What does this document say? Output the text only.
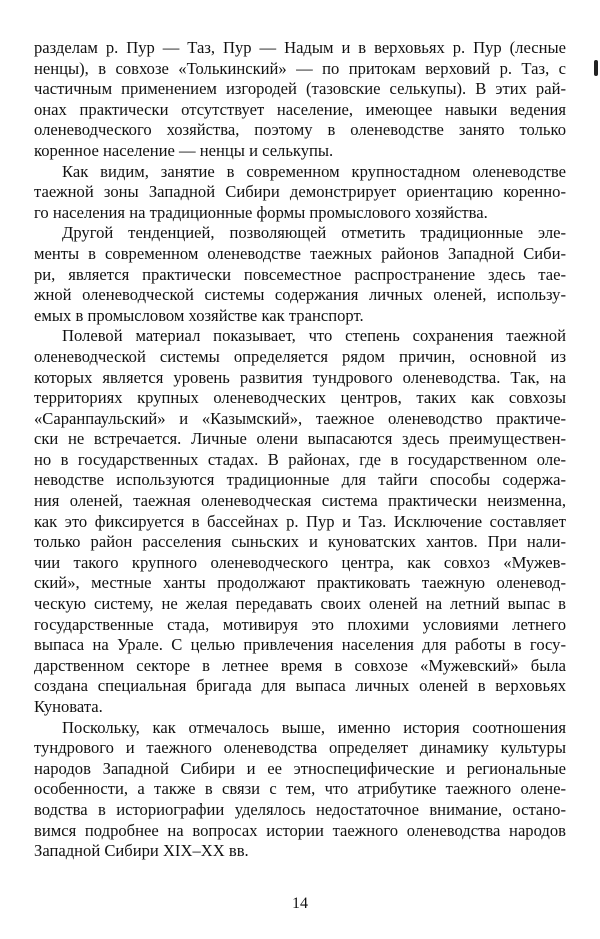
разделам р. Пур — Таз, Пур — Надым и в верховьях р. Пур (лесные
ненцы), в совхозе «Толькинский» — по притокам верховий р. Таз, с
частичным применением изгородей (тазовские селькупы). В этих рай-
онах практически отсутствует население, имеющее навыки ведения
оленеводческого хозяйства, поэтому в оленеводстве занято только
коренное население — ненцы и селькупы.
Как видим, занятие в современном крупностадном оленеводстве
таежной зоны Западной Сибири демонстрирует ориентацию коренно-
го населения на традиционные формы промыслового хозяйства.
Другой тенденцией, позволяющей отметить традиционные эле-
менты в современном оленеводстве таежных районов Западной Сиби-
ри, является практически повсеместное распространение здесь тае-
жной оленеводческой системы содержания личных оленей, использу-
емых в промысловом хозяйстве как транспорт.
Полевой материал показывает, что степень сохранения таежной
оленеводческой системы определяется рядом причин, основной из
которых является уровень развития тундрового оленеводства. Так, на
территориях крупных оленеводческих центров, таких как совхозы
«Саранпаульский» и «Казымский», таежное оленеводство практиче-
ски не встречается. Личные олени выпасаются здесь преимуществен-
но в государственных стадах. В районах, где в государственном оле-
неводстве используются традиционные для тайги способы содержа-
ния оленей, таежная оленеводческая система практически неизменна,
как это фиксируется в бассейнах р. Пур и Таз. Исключение составляет
только район расселения сыньских и куноватских хантов. При нали-
чии такого крупного оленеводческого центра, как совхоз «Мужев-
ский», местные ханты продолжают практиковать таежную оленевод-
ческую систему, не желая передавать своих оленей на летний выпас в
государственные стада, мотивируя это плохими условиями летнего
выпаса на Урале. С целью привлечения населения для работы в госу-
дарственном секторе в летнее время в совхозе «Мужевский» была
создана специальная бригада для выпаса личных оленей в верховьях
Куновата.
Поскольку, как отмечалось выше, именно история соотношения
тундрового и таежного оленеводства определяет динамику культуры
народов Западной Сибири и ее этноспецифические и региональные
особенности, а также в связи с тем, что атрибутике таежного олене-
водства в историографии уделялось недостаточное внимание, остано-
вимся подробнее на вопросах истории таежного оленеводства народов
Западной Сибири XIX–XX вв.
14
